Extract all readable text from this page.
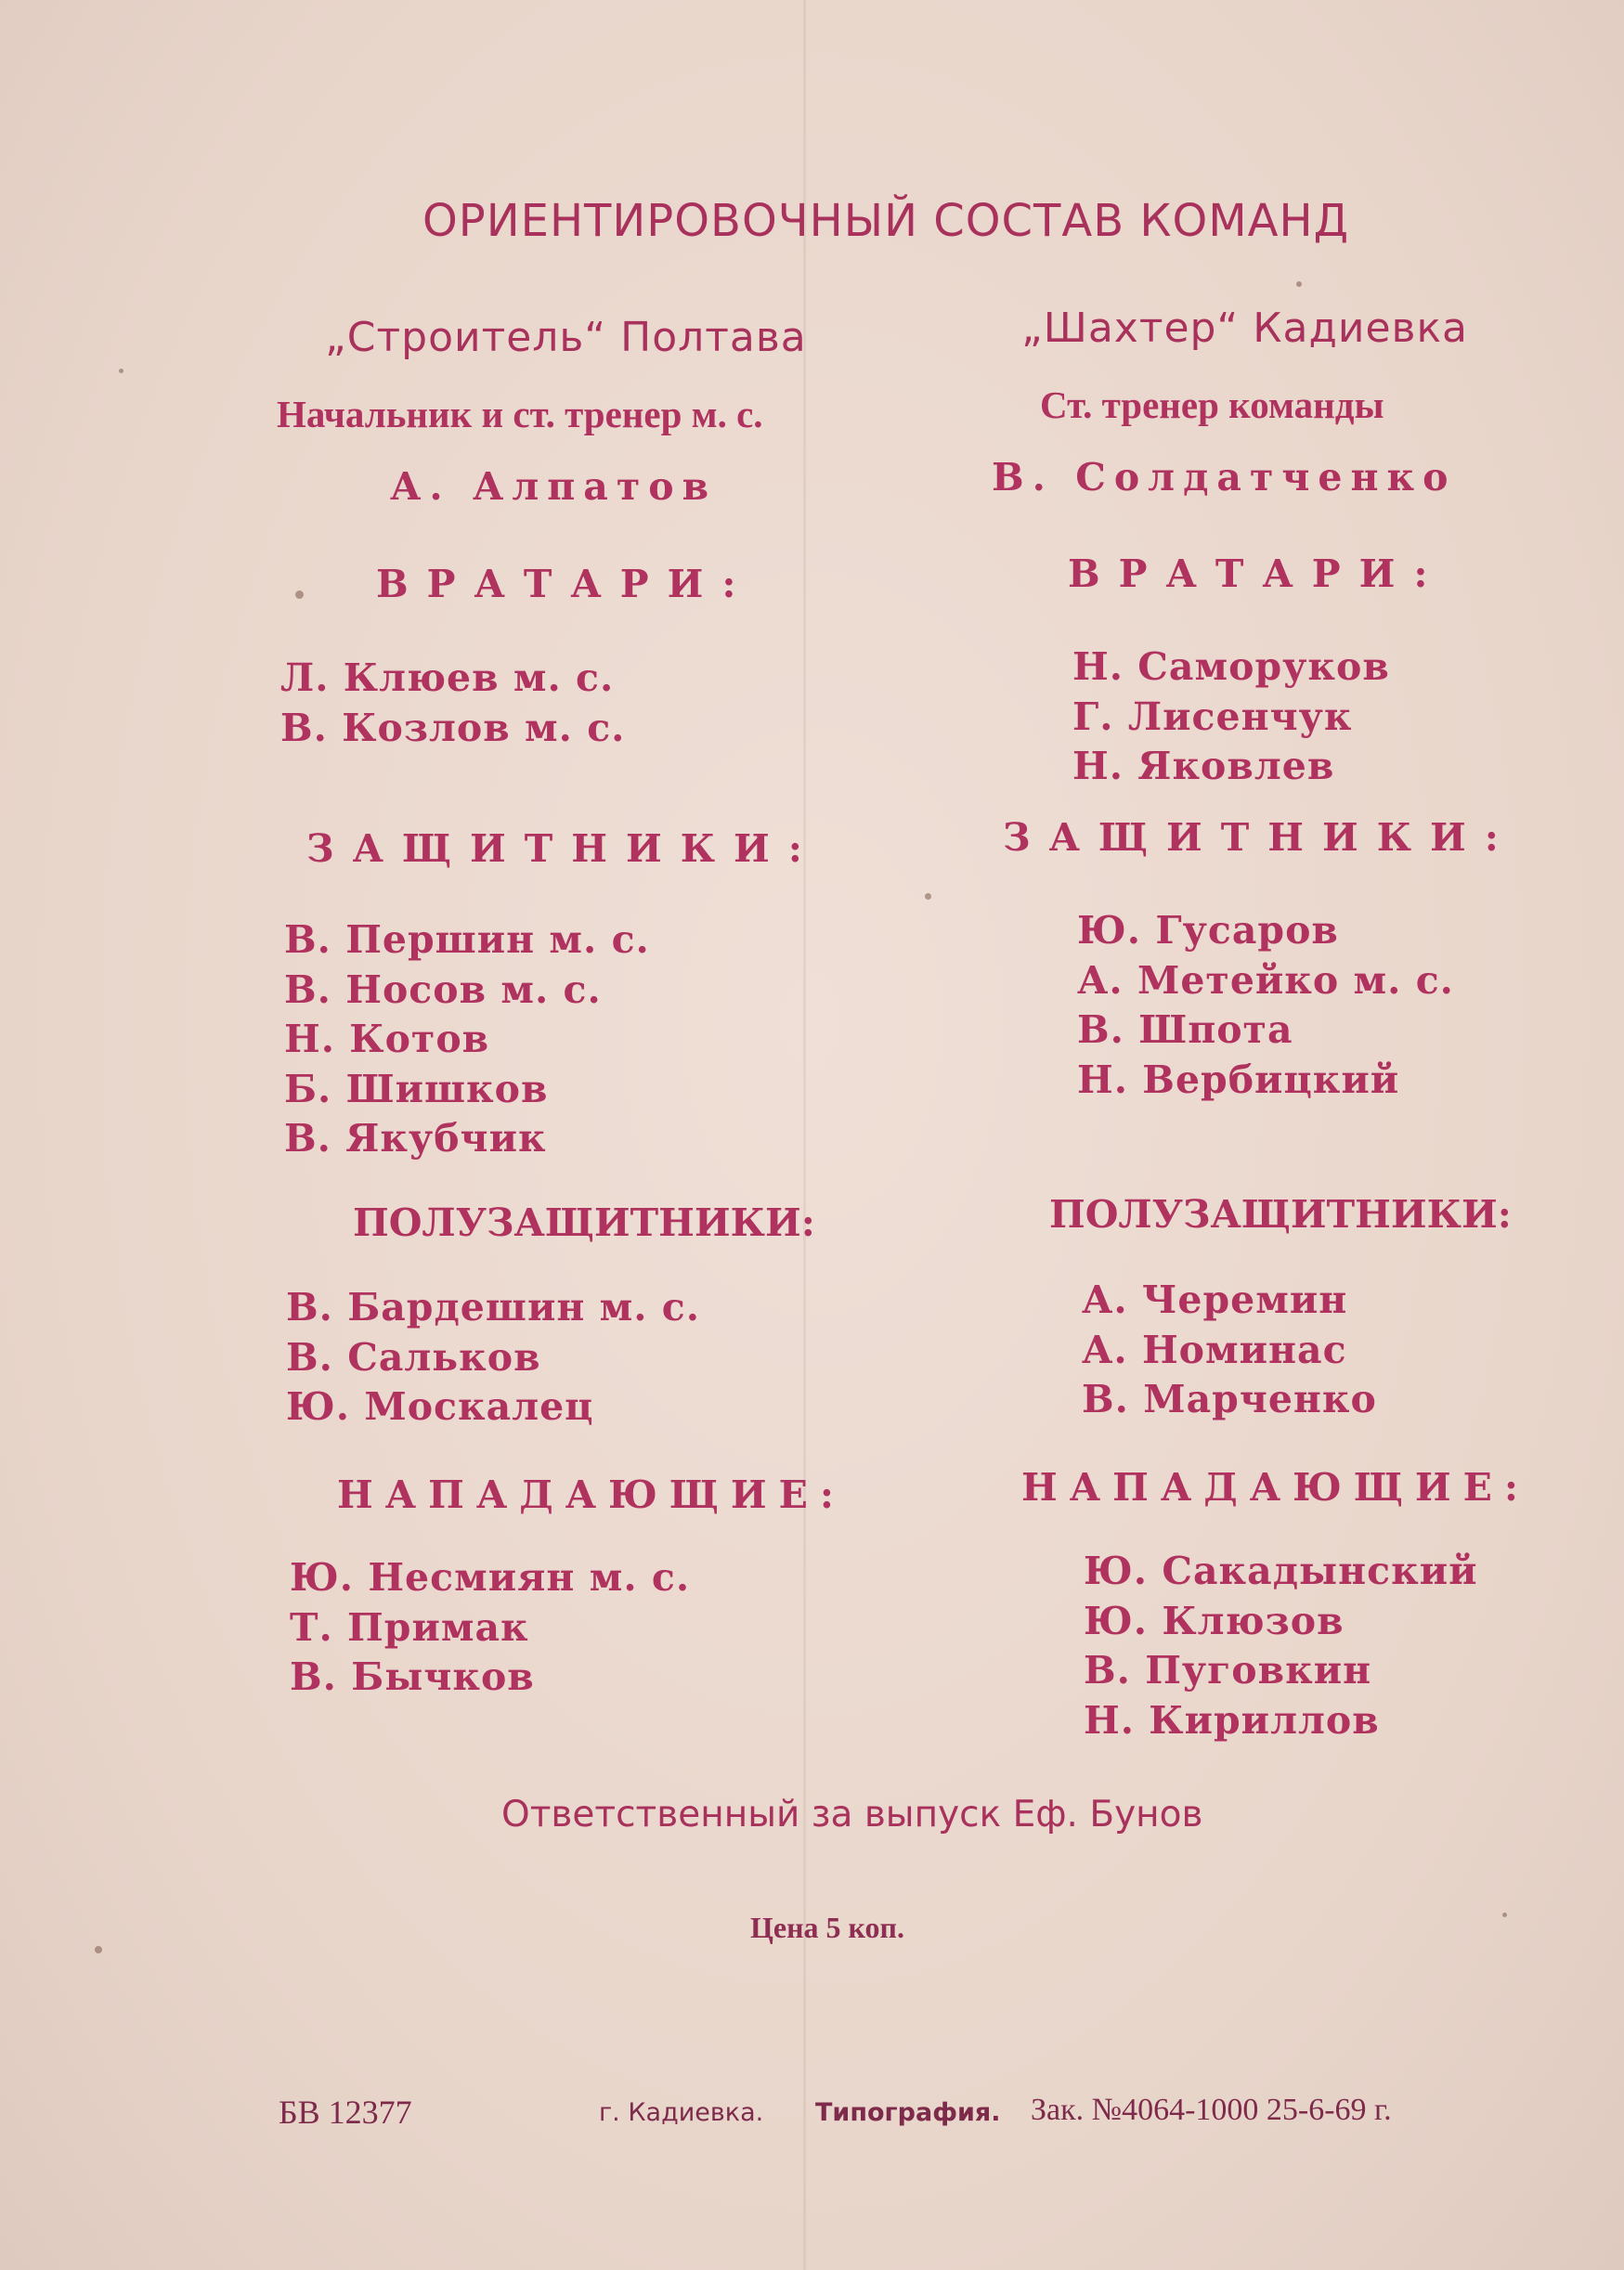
ОРИЕНТИРОВОЧНЫЙ СОСТАВ КОМАНД
„Строитель“ Полтава
Начальник и ст. тренер м. с.
А. Алпатов
ВРАТАРИ:
Л. Клюев м. с.
В. Козлов м. с.
ЗАЩИТНИКИ:
В. Першин м. с.
В. Носов м. с.
Н. Котов
Б. Шишков
В. Якубчик
ПОЛУЗАЩИТНИКИ:
В. Бардешин м. с.
В. Сальков
Ю. Москалец
НАПАДАЮЩИЕ:
Ю. Несмиян м. с.
Т. Примак
В. Бычков
„Шахтер“ Кадиевка
Ст. тренер команды
В. Солдатченко
ВРАТАРИ:
Н. Саморуков
Г. Лисенчук
Н. Яковлев
ЗАЩИТНИКИ:
Ю. Гусаров
А. Метейко м. с.
В. Шпота
Н. Вербицкий
ПОЛУЗАЩИТНИКИ:
А. Черемин
А. Номинас
В. Марченко
НАПАДАЮЩИЕ:
Ю. Сакадынский
Ю. Клюзов
В. Пуговкин
Н. Кириллов
Ответственный за выпуск Еф. Бунов
Цена 5 коп.
БВ 12377	г. Кадиевка. Типография. Зак. №4064-1000 25-6-69 г.
